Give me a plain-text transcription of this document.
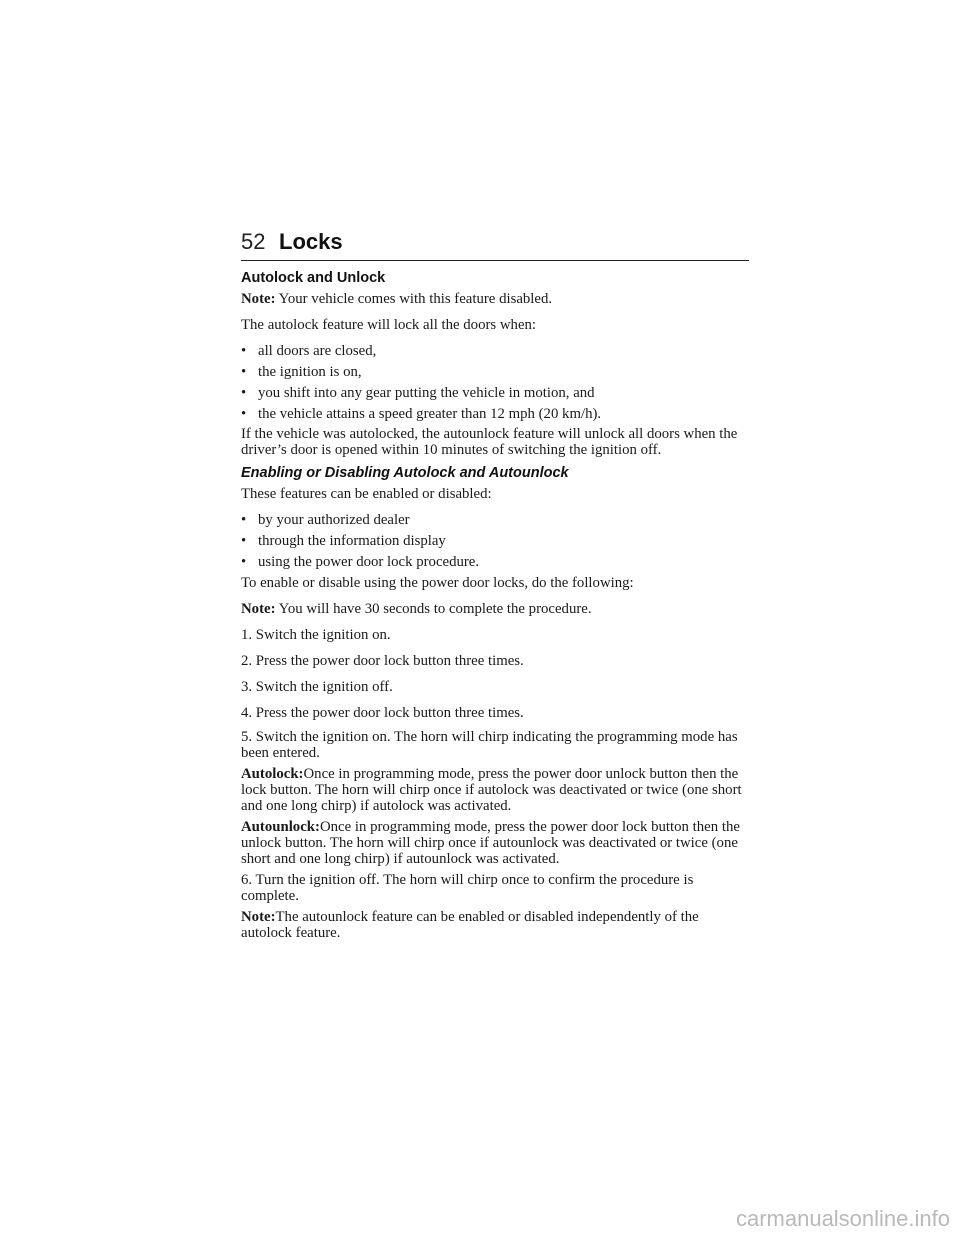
52 Locks
Autolock and Unlock

Note: Your vehicle comes with this feature disabled.

The autolock feature will lock all the doors when:

• all doors are closed,
• the ignition is on,
• you shift into any gear putting the vehicle in motion, and
• the vehicle attains a speed greater than 12 mph (20 km/h).

If the vehicle was autolocked, the autounlock feature will unlock all doors when the driver’s door is opened within 10 minutes of switching the ignition off.

Enabling or Disabling Autolock and Autounlock

These features can be enabled or disabled:

• by your authorized dealer
• through the information display
• using the power door lock procedure.

To enable or disable using the power door locks, do the following:

Note: You will have 30 seconds to complete the procedure.

1. Switch the ignition on.

2. Press the power door lock button three times.

3. Switch the ignition off.

4. Press the power door lock button three times.

5. Switch the ignition on. The horn will chirp indicating the programming mode has been entered.

Autolock:Once in programming mode, press the power door unlock button then the lock button. The horn will chirp once if autolock was deactivated or twice (one short and one long chirp) if autolock was activated.

Autounlock:Once in programming mode, press the power door lock button then the unlock button. The horn will chirp once if autounlock was deactivated or twice (one short and one long chirp) if autounlock was activated.

6. Turn the ignition off. The horn will chirp once to confirm the procedure is complete.

Note:The autounlock feature can be enabled or disabled independently of the autolock feature.

carmanualsonline.info
